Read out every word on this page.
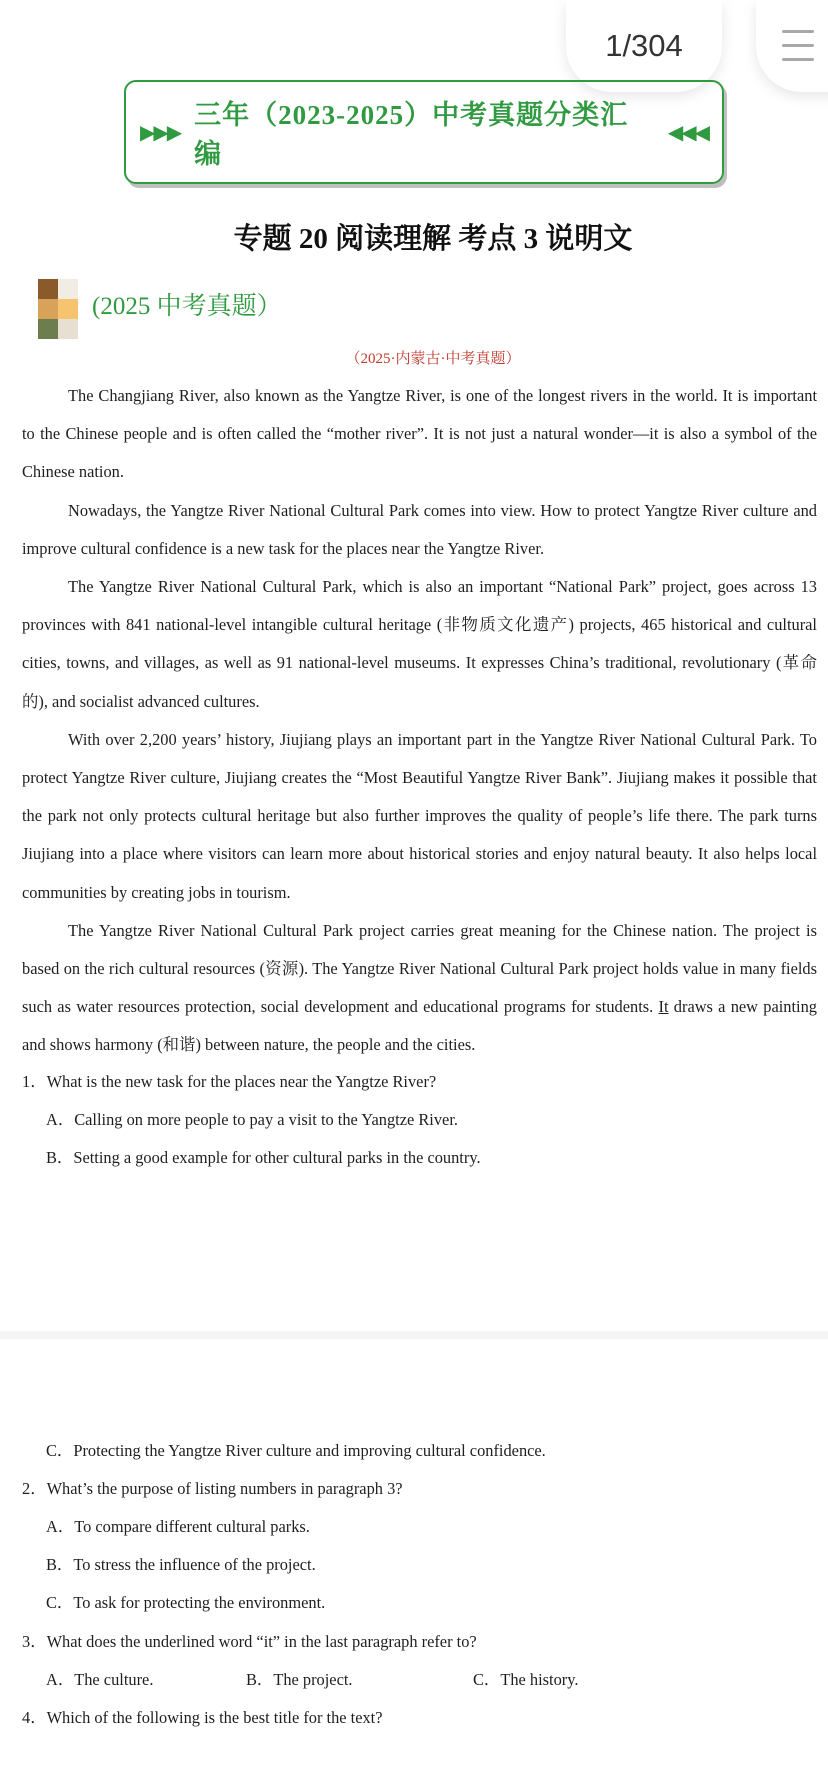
1/304
▶▶▶
三年（2023-2025）中考真题分类汇编
◀◀◀
专题 20 阅读理解 考点 3 说明文
(2025 中考真题）
（2025·内蒙古·中考真题）

The Changjiang River, also known as the Yangtze River, is one of the longest rivers in the world. It is important to the Chinese people and is often called the “mother river”. It is not just a natural wonder—it is also a symbol of the Chinese nation.

Nowadays, the Yangtze River National Cultural Park comes into view. How to protect Yangtze River culture and improve cultural confidence is a new task for the places near the Yangtze River.

The Yangtze River National Cultural Park, which is also an important “National Park” project, goes across 13 provinces with 841 national-level intangible cultural heritage (非物质文化遗产) projects, 465 historical and cultural cities, towns, and villages, as well as 91 national-level museums. It expresses China’s traditional, revolutionary (革命的), and socialist advanced cultures.

With over 2,200 years’ history, Jiujiang plays an important part in the Yangtze River National Cultural Park. To protect Yangtze River culture, Jiujiang creates the “Most Beautiful Yangtze River Bank”. Jiujiang makes it possible that the park not only protects cultural heritage but also further improves the quality of people’s life there. The park turns Jiujiang into a place where visitors can learn more about historical stories and enjoy natural beauty. It also helps local communities by creating jobs in tourism.

The Yangtze River National Cultural Park project carries great meaning for the Chinese nation. The project is based on the rich cultural resources (资源). The Yangtze River National Cultural Park project holds value in many fields such as water resources protection, social development and educational programs for students. It draws a new painting and shows harmony (和谐) between nature, the people and the cities.

1．What is the new task for the places near the Yangtze River?

A．Calling on more people to pay a visit to the Yangtze River.

B．Setting a good example for other cultural parks in the country.

C．Protecting the Yangtze River culture and improving cultural confidence.

2．What’s the purpose of listing numbers in paragraph 3?

A．To compare different cultural parks.

B．To stress the influence of the project.

C．To ask for protecting the environment.

3．What does the underlined word “it” in the last paragraph refer to?

A．The culture.	B．The project.	C．The history.

4．Which of the following is the best title for the text?
